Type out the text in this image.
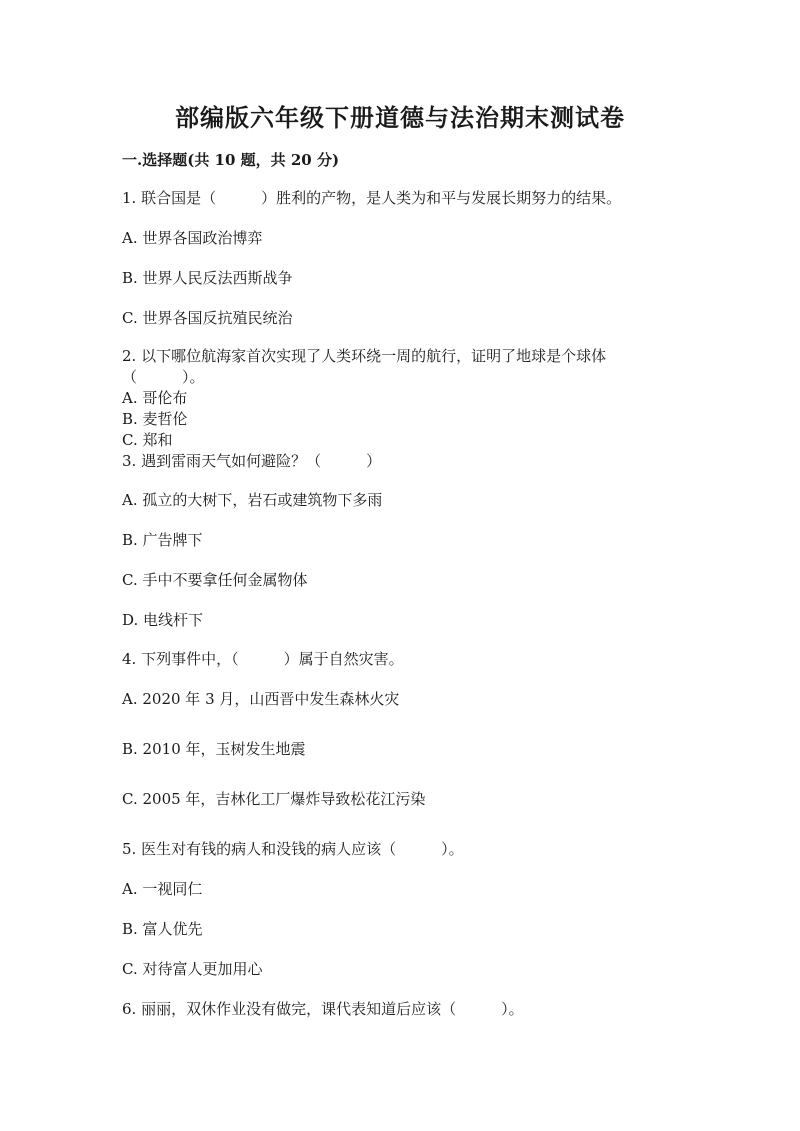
部编版六年级下册道德与法治期末测试卷
一.选择题(共 10 题，共 20 分)
1. 联合国是（　　　）胜利的产物，是人类为和平与发展长期努力的结果。
A. 世界各国政治博弈
B. 世界人民反法西斯战争
C. 世界各国反抗殖民统治
2. 以下哪位航海家首次实现了人类环绕一周的航行，证明了地球是个球体
（　　　）。
A. 哥伦布
B. 麦哲伦
C. 郑和
3. 遇到雷雨天气如何避险？（　　　）
A. 孤立的大树下，岩石或建筑物下多雨
B. 广告牌下
C. 手中不要拿任何金属物体
D. 电线杆下
4. 下列事件中，（　　　）属于自然灾害。
A. 2020 年 3 月，山西晋中发生森林火灾
B. 2010 年，玉树发生地震
C. 2005 年，吉林化工厂爆炸导致松花江污染
5. 医生对有钱的病人和没钱的病人应该（　　　）。
A. 一视同仁
B. 富人优先
C. 对待富人更加用心
6. 丽丽，双休作业没有做完，课代表知道后应该（　　　）。
